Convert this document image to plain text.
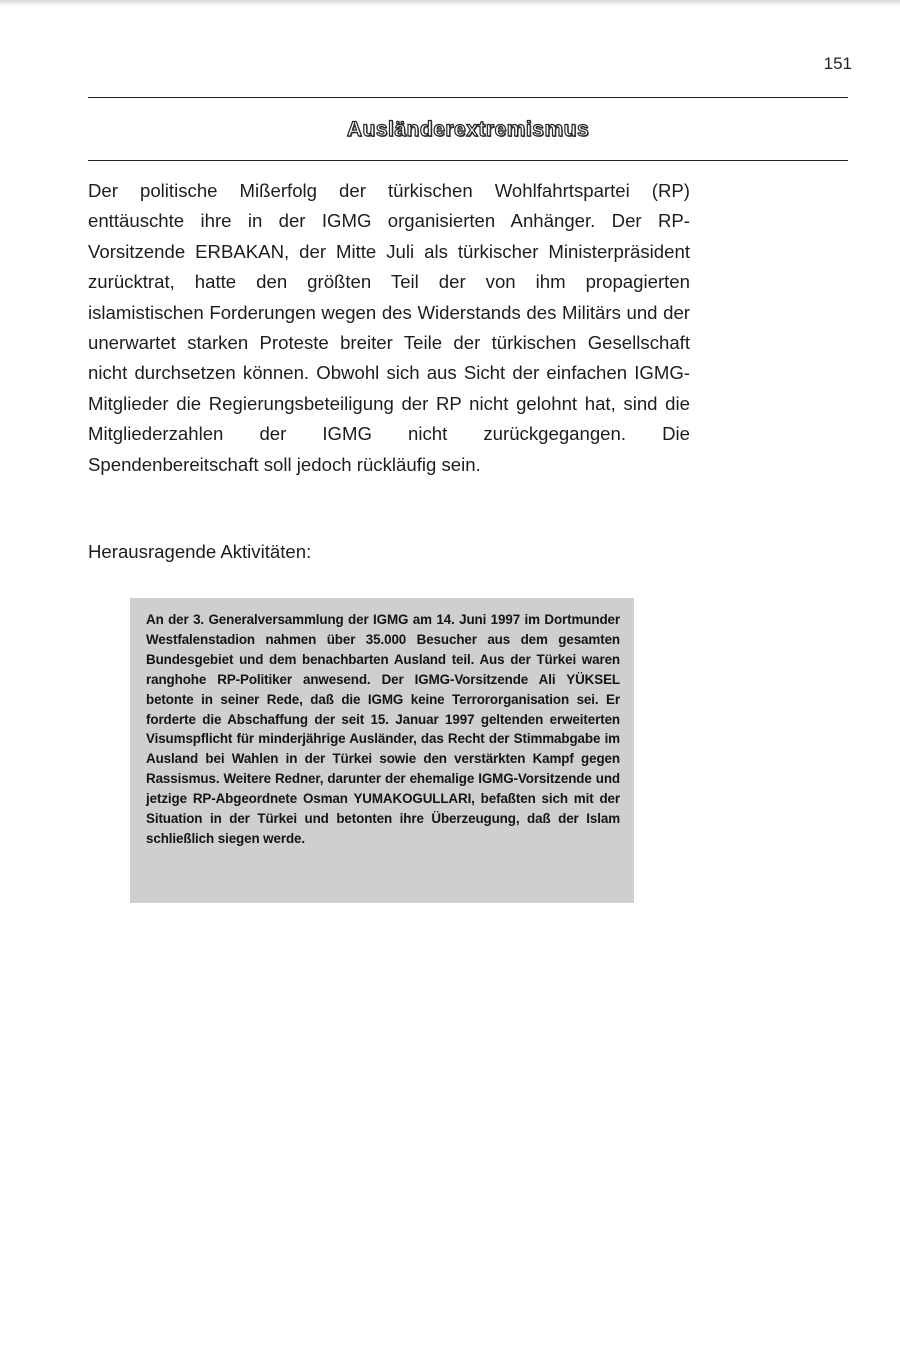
151
Ausländerextremismus

Der politische Mißerfolg der türkischen Wohlfahrtspartei (RP) enttäuschte ihre in der IGMG organisierten Anhänger. Der RP-Vorsitzende ERBAKAN, der Mitte Juli als türkischer Ministerpräsident zurücktrat, hatte den größten Teil der von ihm propagierten islamistischen Forderungen wegen des Widerstands des Militärs und der unerwartet starken Proteste breiter Teile der türkischen Gesellschaft nicht durchsetzen können. Obwohl sich aus Sicht der einfachen IGMG-Mitglieder die Regierungsbeteiligung der RP nicht gelohnt hat, sind die Mitgliederzahlen der IGMG nicht zurückgegangen. Die Spendenbereitschaft soll jedoch rückläufig sein.

Herausragende Aktivitäten:

An der 3. Generalversammlung der IGMG am 14. Juni 1997 im Dortmunder Westfalenstadion nahmen über 35.000 Besucher aus dem gesamten Bundesgebiet und dem benachbarten Ausland teil. Aus der Türkei waren ranghohe RP-Politiker anwesend. Der IGMG-Vorsitzende Ali YÜKSEL betonte in seiner Rede, daß die IGMG keine Terrororganisation sei. Er forderte die Abschaffung der seit 15. Januar 1997 geltenden erweiterten Visumspflicht für minderjährige Ausländer, das Recht der Stimmabgabe im Ausland bei Wahlen in der Türkei sowie den verstärkten Kampf gegen Rassismus. Weitere Redner, darunter der ehemalige IGMG-Vorsitzende und jetzige RP-Abgeordnete Osman YUMAKOGULLARI, befaßten sich mit der Situation in der Türkei und betonten ihre Überzeugung, daß der Islam schließlich siegen werde.
